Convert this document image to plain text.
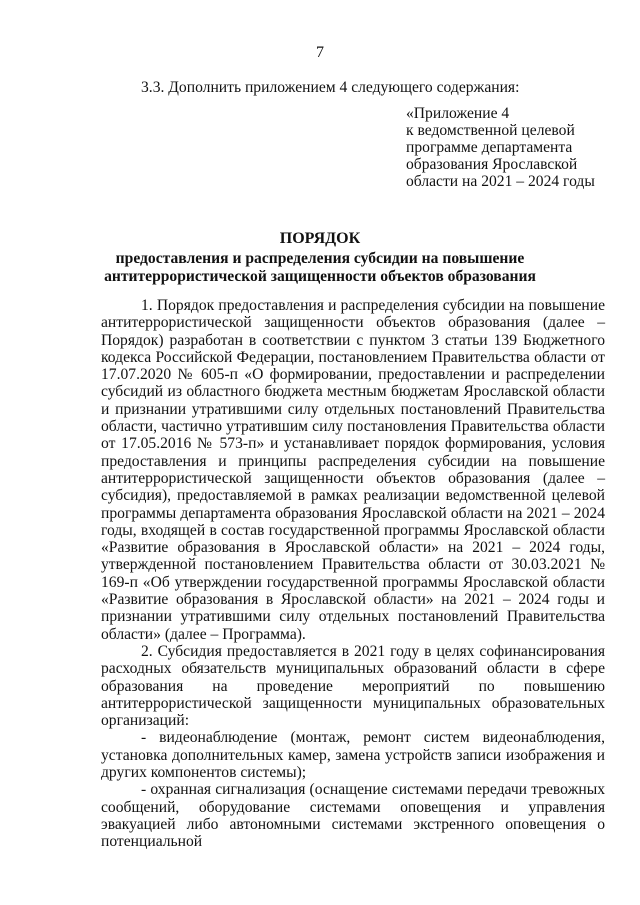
7
3.3. Дополнить приложением 4 следующего содержания:
«Приложение 4
к ведомственной целевой
программе департамента
образования Ярославской
области на 2021 – 2024 годы
ПОРЯДОК
предоставления и распределения субсидии на повышение
антитеррористической защищенности объектов образования

1. Порядок предоставления и распределения субсидии на повышение антитеррористической защищенности объектов образования (далее – Порядок) разработан в соответствии с пунктом 3 статьи 139 Бюджетного кодекса Российской Федерации, постановлением Правительства области от 17.07.2020 № 605-п «О формировании, предоставлении и распределении субсидий из областного бюджета местным бюджетам Ярославской области и признании утратившими силу отдельных постановлений Правительства области, частично утратившим силу постановления Правительства области от 17.05.2016 № 573-п» и устанавливает порядок формирования, условия предоставления и принципы распределения субсидии на повышение антитеррористической защищенности объектов образования (далее – субсидия), предоставляемой в рамках реализации ведомственной целевой программы департамента образования Ярославской области на 2021 – 2024 годы, входящей в состав государственной программы Ярославской области «Развитие образования в Ярославской области» на 2021 – 2024 годы, утвержденной постановлением Правительства области от 30.03.2021 № 169-п «Об утверждении государственной программы Ярославской области «Развитие образования в Ярославской области» на 2021 – 2024 годы и признании утратившими силу отдельных постановлений Правительства области» (далее – Программа).

2. Субсидия предоставляется в 2021 году в целях софинансирования расходных обязательств муниципальных образований области в сфере образования на проведение мероприятий по повышению антитеррористической защищенности муниципальных образовательных организаций:

- видеонаблюдение (монтаж, ремонт систем видеонаблюдения, установка дополнительных камер, замена устройств записи изображения и других компонентов системы);

- охранная сигнализация (оснащение системами передачи тревожных сообщений, оборудование системами оповещения и управления эвакуацией либо автономными системами экстренного оповещения о потенциальной
